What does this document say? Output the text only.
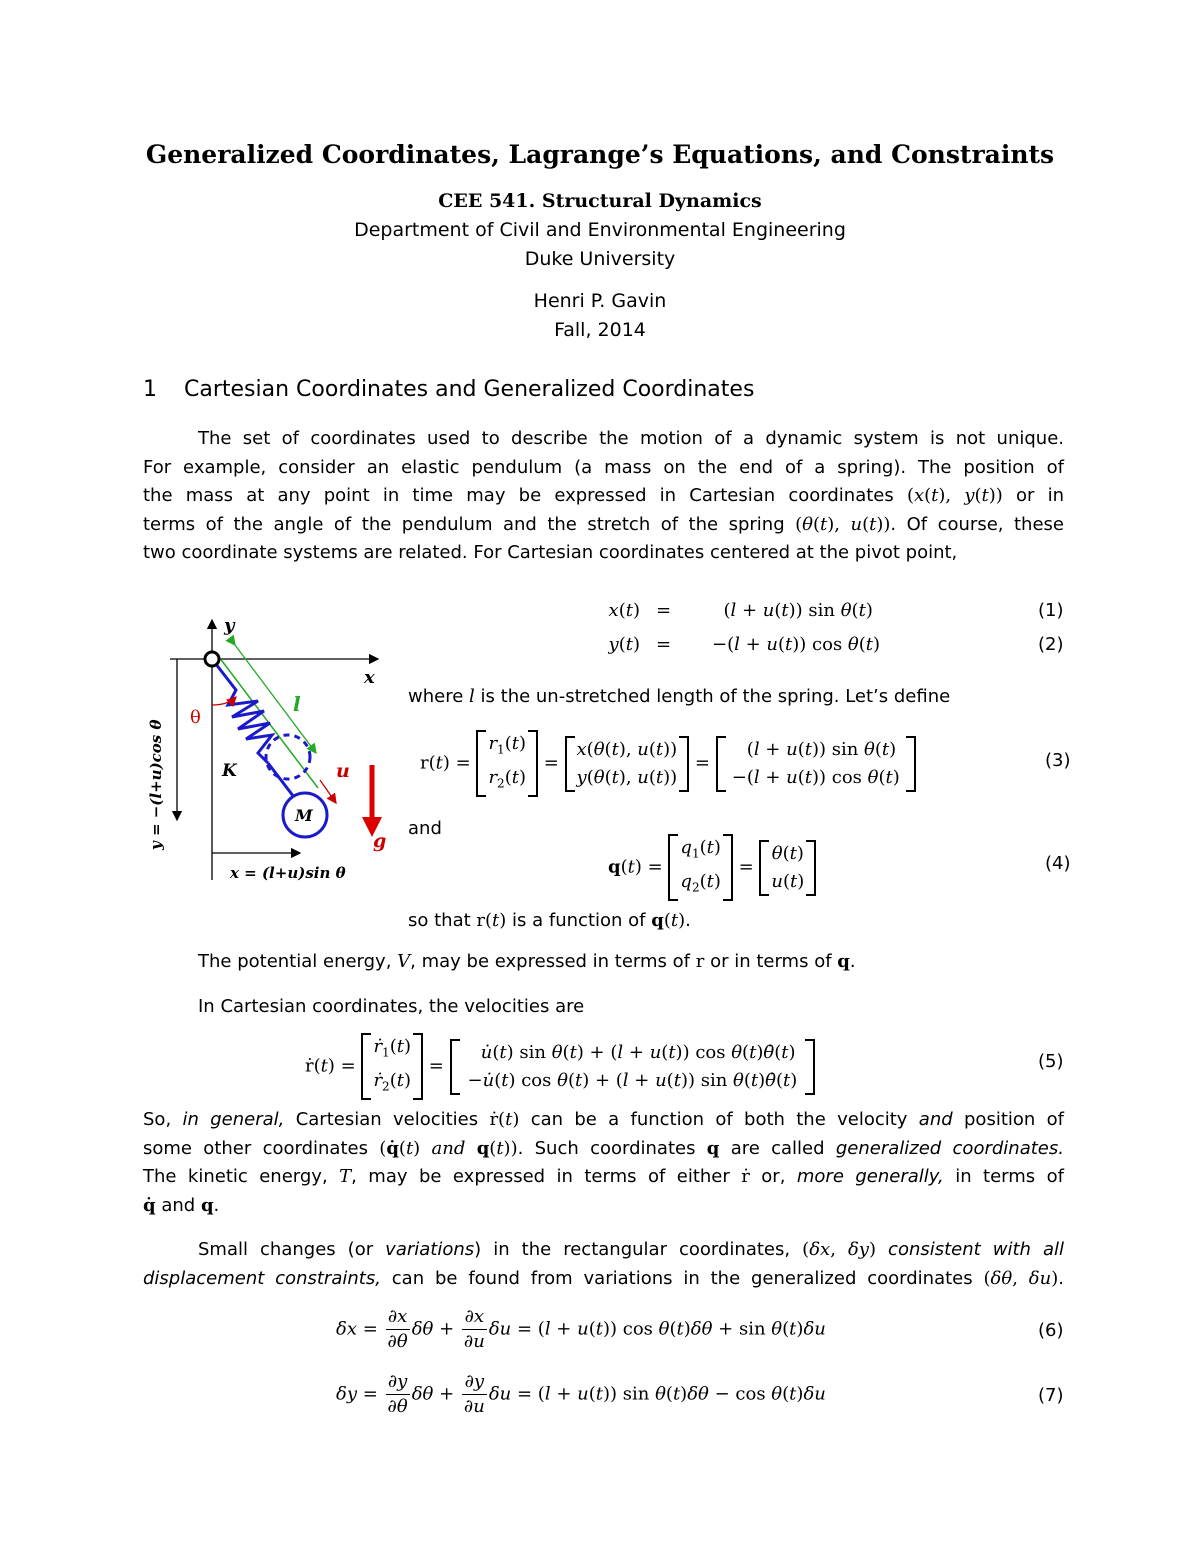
Generalized Coordinates, Lagrange’s Equations, and Constraints
CEE 541. Structural Dynamics
Department of Civil and Environmental Engineering
Duke University
Henri P. Gavin
Fall, 2014
1 Cartesian Coordinates and Generalized Coordinates
The set of coordinates used to describe the motion of a dynamic system is not unique.
For example, consider an elastic pendulum (a mass on the end of a spring). The position of
the mass at any point in time may be expressed in Cartesian coordinates (x(t), y(t)) or in
terms of the angle of the pendulum and the stretch of the spring (θ(t), u(t)). Of course, these
two coordinate systems are related. For Cartesian coordinates centered at the pivot point,
y
x
θ
l
K	u
M
g
x = (l+u)sin θ
y = −(l+u)cos θ
x(t) = (l + u(t)) sin θ(t)	(1)
y(t) = −(l + u(t)) cos θ(t)	(2)
where l is the un-stretched length of the spring. Let’s define
$r(t) = r_1(t)$
$r_2(t) = x(\theta(t)$, u(t))
y(θ(t), u(t)) =   (l + u(t)) sin θ(t)
−(l + u(t)) cos θ(t)
(3)
and
$q(t) = q_1(t)$
$q_2(t) = \theta(t)$
u(t)
(4)
so that r(t) is a function of q(t).
The potential energy, V, may be expressed in terms of r or in terms of q.
In Cartesian coordinates, the velocities are
ṙ(t) = ṙ$_1$(t)
ṙ$_2$(t) =   u̇(t) sin θ(t) + (l + u(t)) cos θ(t)θ̇(t)
−u̇(t) cos θ(t) + (l + u(t)) sin θ(t)θ̇(t)
(5)
So, in general, Cartesian velocities ṙ(t) can be a function of both the velocity and position of
some other coordinates (q̇(t) and q(t)). Such coordinates q are called generalized coordinates.
The kinetic energy, T, may be expressed in terms of either ṙ or, more generally, in terms of
q̇ and q.
Small changes (or variations) in the rectangular coordinates, (δx, δy) consistent with all
displacement constraints, can be found from variations in the generalized coordinates (δθ, δu).
$\delta x = \frac{\partial x}{\partial\theta}$ $\delta\theta + \frac{\partial x}{\partial u}$ δu = (l + u(t)) cos θ(t)δθ + sin θ(t)δu	(6)
$\delta y = \frac{\partial y}{\partial\theta}$ $\delta\theta + \frac{\partial y}{\partial u}$ δu = (l + u(t)) sin θ(t)δθ − cos θ(t)δu	(7)
